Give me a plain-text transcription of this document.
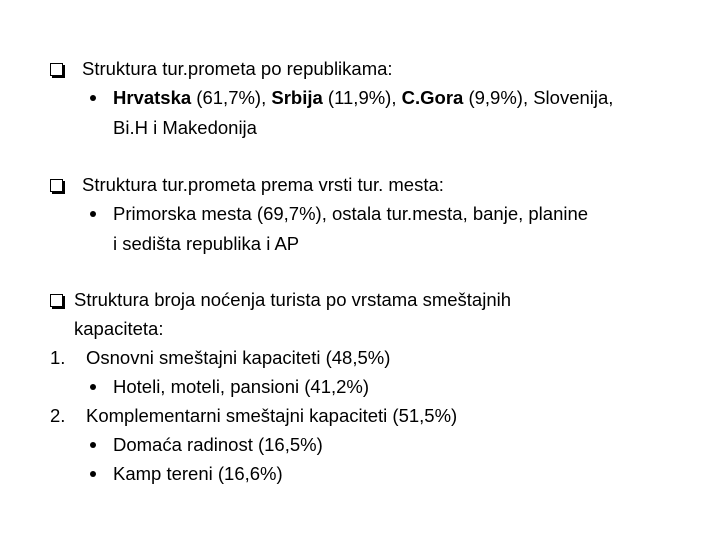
Struktura tur.prometa po republikama:
Hrvatska (61,7%), Srbija (11,9%), C.Gora (9,9%), Slovenija,
Bi.H i Makedonija
Struktura tur.prometa prema vrsti tur. mesta:
Primorska mesta (69,7%), ostala tur.mesta, banje, planine
i sedišta republika i AP
Struktura broja noćenja turista po vrstama smeštajnih
kapaciteta:
1. Osnovni smeštajni kapaciteti (48,5%)
Hoteli, moteli, pansioni (41,2%)
2. Komplementarni smeštajni kapaciteti (51,5%)
Domaća radinost (16,5%)
Kamp tereni (16,6%)
